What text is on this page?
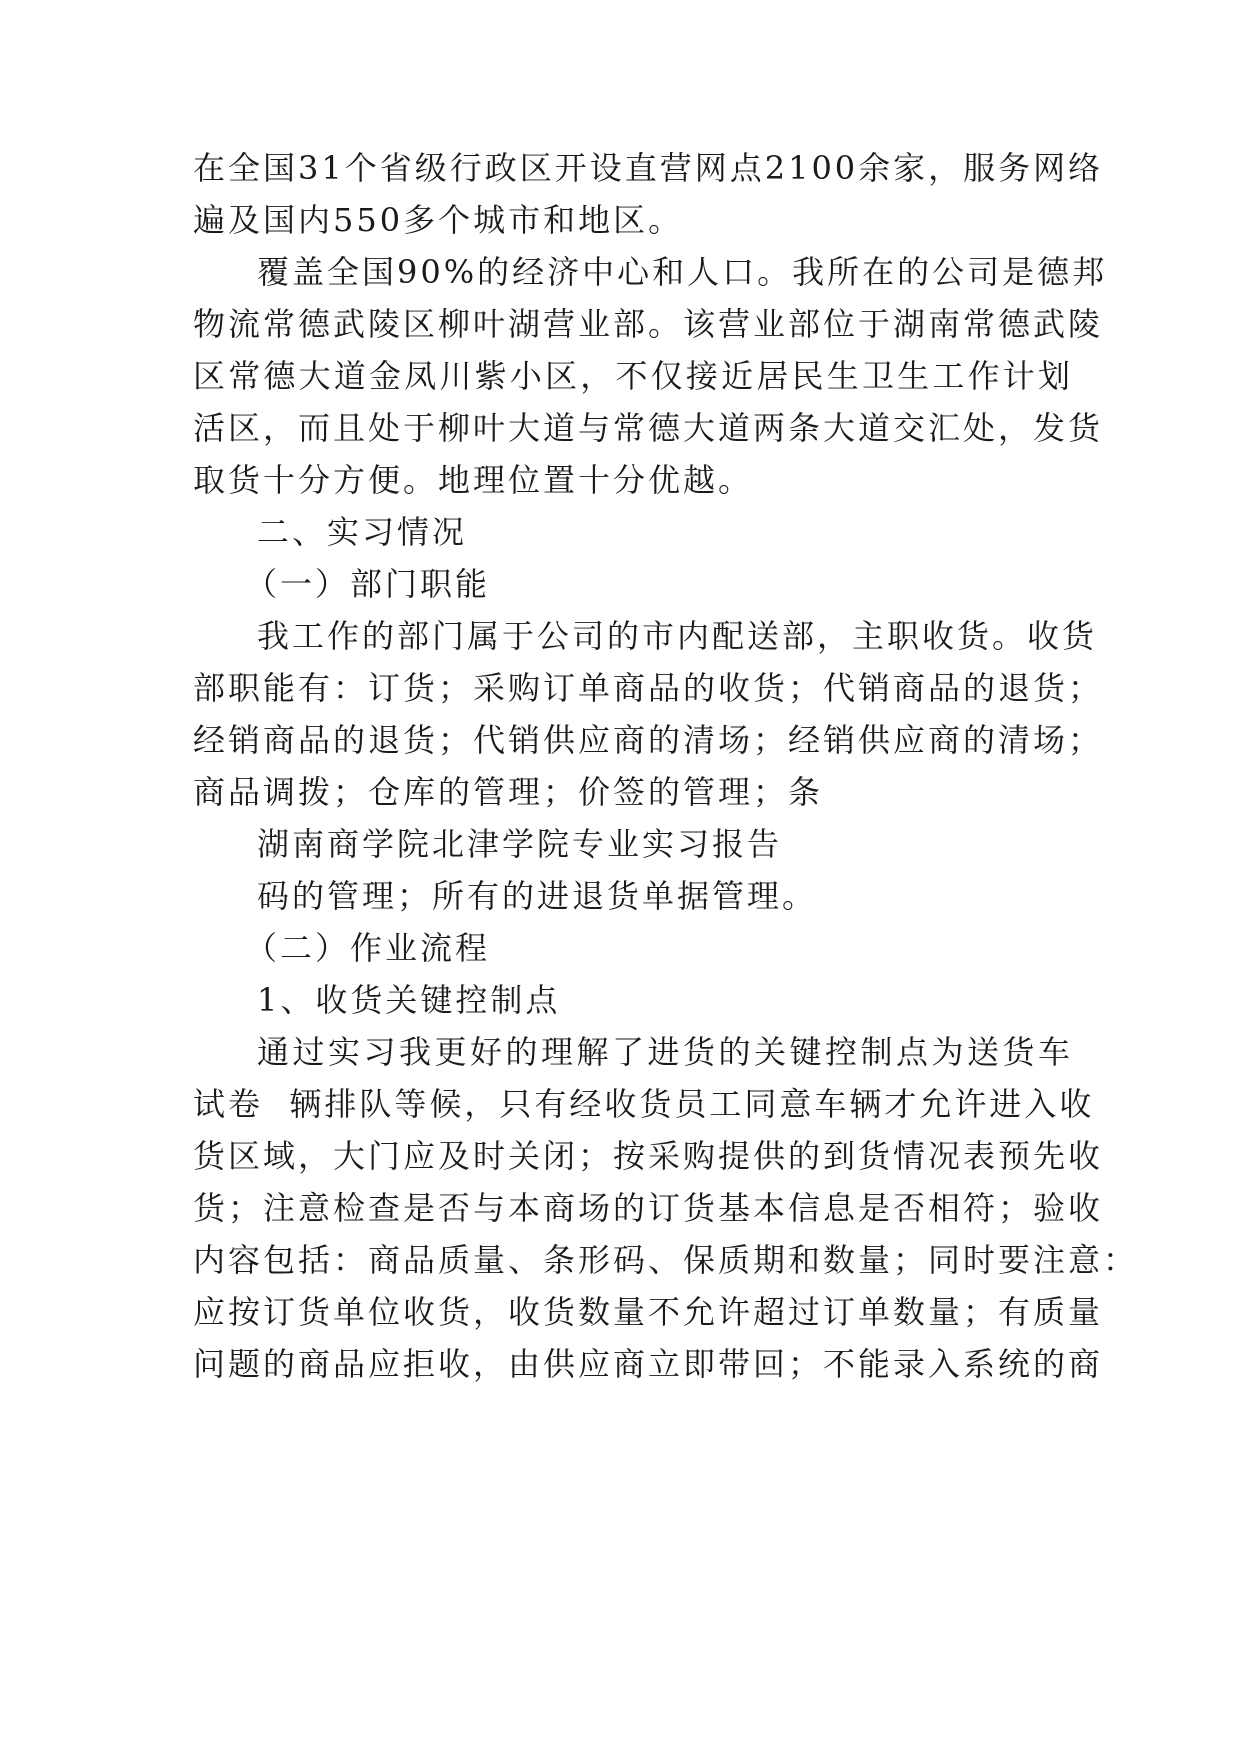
在全国31个省级行政区开设直营网点2100余家，服务网络
遍及国内550多个城市和地区。
覆盖全国90%的经济中心和人口。我所在的公司是德邦
物流常德武陵区柳叶湖营业部。该营业部位于湖南常德武陵
区常德大道金凤川紫小区，不仅接近居民生卫生工作计划
活区，而且处于柳叶大道与常德大道两条大道交汇处，发货
取货十分方便。地理位置十分优越。
二、实习情况
（一）部门职能
我工作的部门属于公司的市内配送部，主职收货。收货
部职能有：订货；采购订单商品的收货；代销商品的退货；
经销商品的退货；代销供应商的清场；经销供应商的清场；
商品调拨；仓库的管理；价签的管理；条
湖南商学院北津学院专业实习报告
码的管理；所有的进退货单据管理。
（二）作业流程
1、收货关键控制点
通过实习我更好的理解了进货的关键控制点为送货车
试卷  辆排队等候，只有经收货员工同意车辆才允许进入收
货区域，大门应及时关闭；按采购提供的到货情况表预先收
货；注意检查是否与本商场的订货基本信息是否相符；验收
内容包括：商品质量、条形码、保质期和数量；同时要注意：
应按订货单位收货，收货数量不允许超过订单数量；有质量
问题的商品应拒收，由供应商立即带回；不能录入系统的商
